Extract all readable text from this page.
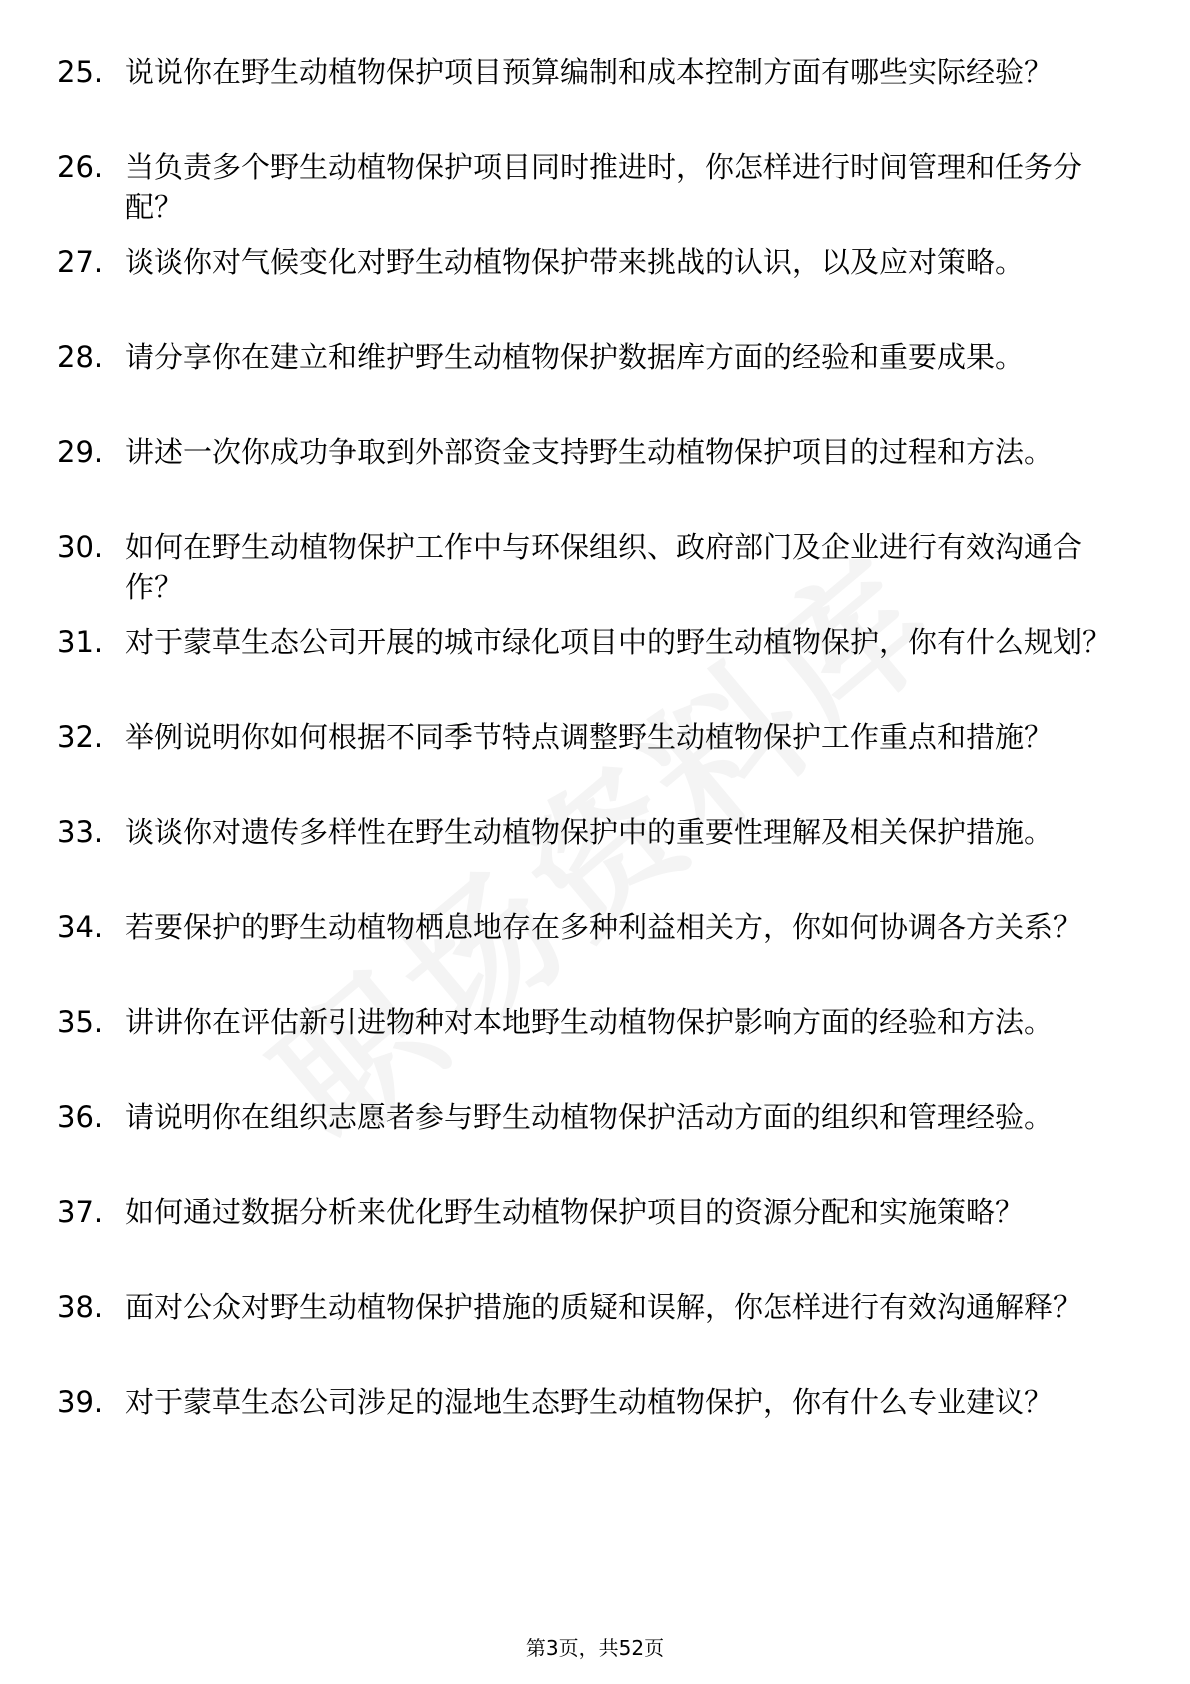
25. 说说你在野生动植物保护项目预算编制和成本控制方面有哪些实际经验？
26. 当负责多个野生动植物保护项目同时推进时，你怎样进行时间管理和任务分配？
27. 谈谈你对气候变化对野生动植物保护带来挑战的认识，以及应对策略。
28. 请分享你在建立和维护野生动植物保护数据库方面的经验和重要成果。
29. 讲述一次你成功争取到外部资金支持野生动植物保护项目的过程和方法。
30. 如何在野生动植物保护工作中与环保组织、政府部门及企业进行有效沟通合作？
31. 对于蒙草生态公司开展的城市绿化项目中的野生动植物保护，你有什么规划？
32. 举例说明你如何根据不同季节特点调整野生动植物保护工作重点和措施？
33. 谈谈你对遗传多样性在野生动植物保护中的重要性理解及相关保护措施。
34. 若要保护的野生动植物栖息地存在多种利益相关方，你如何协调各方关系？
35. 讲讲你在评估新引进物种对本地野生动植物保护影响方面的经验和方法。
36. 请说明你在组织志愿者参与野生动植物保护活动方面的组织和管理经验。
37. 如何通过数据分析来优化野生动植物保护项目的资源分配和实施策略？
38. 面对公众对野生动植物保护措施的质疑和误解，你怎样进行有效沟通解释？
39. 对于蒙草生态公司涉足的湿地生态野生动植物保护，你有什么专业建议？
第3页，共52页
